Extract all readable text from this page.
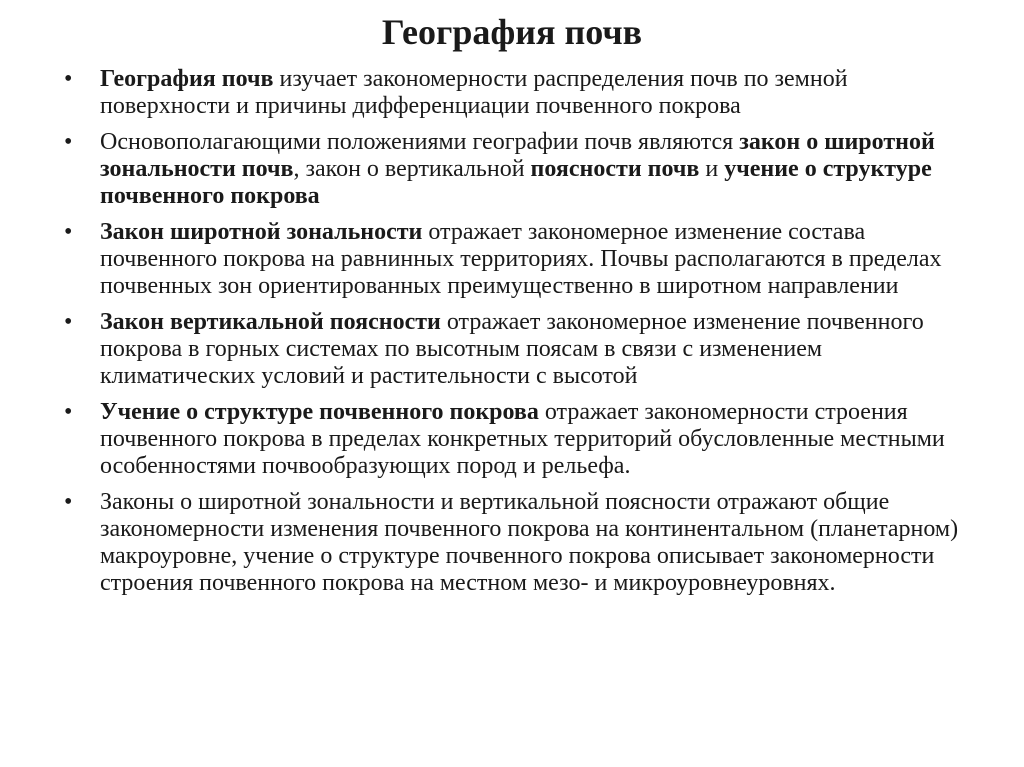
География почв
• География почв изучает закономерности распределения почв по земной поверхности и причины дифференциации почвенного покрова
• Основополагающими положениями географии почв являются закон о широтной зональности почв, закон о вертикальной поясности почв и учение о структуре почвенного покрова
• Закон широтной зональности отражает закономерное изменение состава почвенного покрова на равнинных территориях. Почвы располагаются в пределах почвенных зон ориентированных преимущественно в широтном направлении
• Закон вертикальной поясности отражает закономерное изменение почвенного покрова в горных системах по высотным поясам в связи с изменением климатических условий и растительности с высотой
• Учение о структуре почвенного покрова отражает закономерности строения почвенного покрова в пределах конкретных территорий обусловленные местными особенностями почвообразующих пород и рельефа.
• Законы о широтной зональности и вертикальной поясности отражают общие закономерности изменения почвенного покрова на континентальном (планетарном) макроуровне, учение о структуре почвенного покрова описывает закономерности строения почвенного покрова на местном мезо- и микроуровнеуровнях.
